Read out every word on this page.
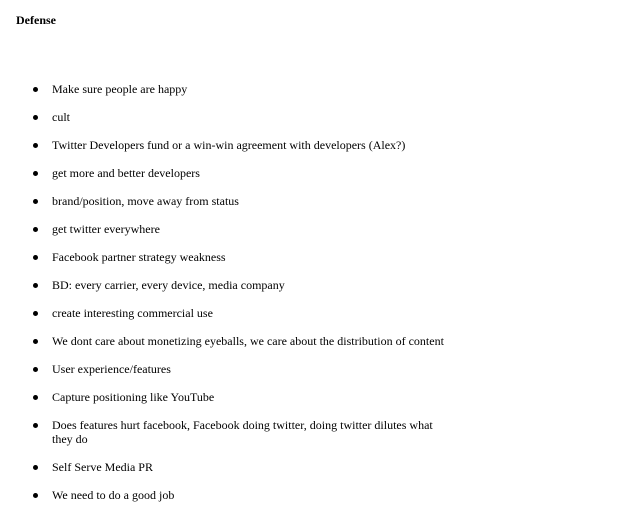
Defense
Make sure people are happy
cult
Twitter Developers fund or a win-win agreement with developers (Alex?)
get more and better developers
brand/position, move away from status
get twitter everywhere
Facebook partner strategy weakness
BD: every carrier, every device, media company
create interesting commercial use
We dont care about monetizing eyeballs, we care about the distribution of content
User experience/features
Capture positioning like YouTube
Does features hurt facebook, Facebook doing twitter, doing twitter dilutes what they do
Self Serve Media PR
We need to do a good job
